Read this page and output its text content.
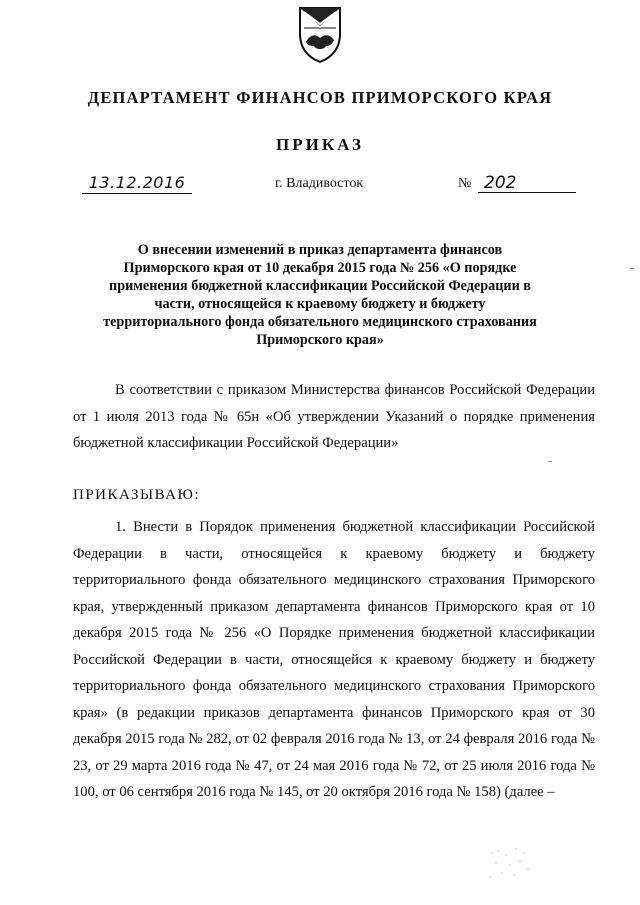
ДЕПАРТАМЕНТ ФИНАНСОВ ПРИМОРСКОГО КРАЯ
ПРИКАЗ
13.12.2016	г. Владивосток	№ 202
О внесении изменений в приказ департамента финансов Приморского края от 10 декабря 2015 года № 256 «О порядке применения бюджетной классификации Российской Федерации в части, относящейся к краевому бюджету и бюджету территориального фонда обязательного медицинского страхования Приморского края»
В соответствии с приказом Министерства финансов Российской Федерации от 1 июля 2013 года № 65н «Об утверждении Указаний о порядке применения бюджетной классификации Российской Федерации»
ПРИКАЗЫВАЮ:
1. Внести в Порядок применения бюджетной классификации Российской Федерации в части, относящейся к краевому бюджету и бюджету территориального фонда обязательного медицинского страхования Приморского края, утвержденный приказом департамента финансов Приморского края от 10 декабря 2015 года № 256 «О Порядке применения бюджетной классификации Российской Федерации в части, относящейся к краевому бюджету и бюджету территориального фонда обязательного медицинского страхования Приморского края» (в редакции приказов департамента финансов Приморского края от 30 декабря 2015 года № 282, от 02 февраля 2016 года № 13, от 24 февраля 2016 года № 23, от 29 марта 2016 года № 47, от 24 мая 2016 года № 72, от 25 июля 2016 года № 100, от 06 сентября 2016 года № 145, от 20 октября 2016 года № 158) (далее –
